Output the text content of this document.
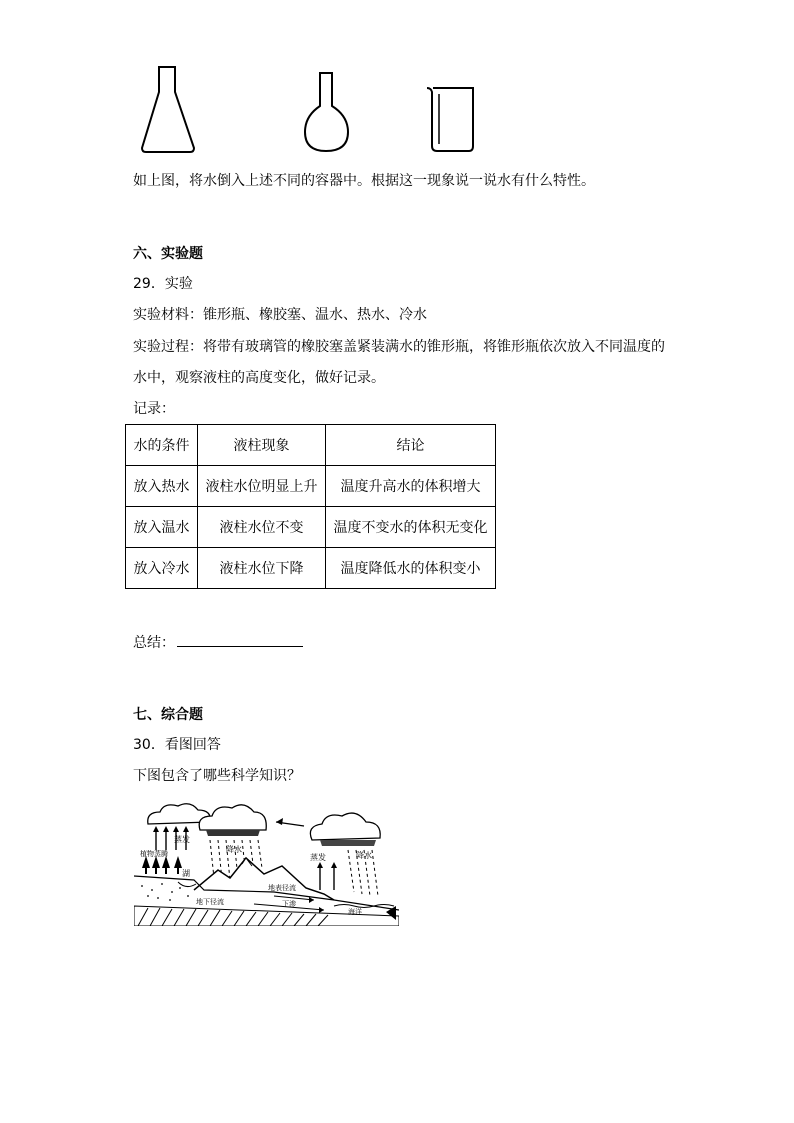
如上图，将水倒入上述不同的容器中。根据这一现象说一说水有什么特性。
六、实验题
29．实验
实验材料：锥形瓶、橡胶塞、温水、热水、冷水
实验过程：将带有玻璃管的橡胶塞盖紧装满水的锥形瓶，将锥形瓶依次放入不同温度的
水中，观察液柱的高度变化，做好记录。
记录：
水的条件	液柱现象	结论
放入热水	液柱水位明显上升	温度升高水的体积增大
放入温水	液柱水位不变	温度不变水的体积无变化
放入冷水	液柱水位下降	温度降低水的体积变小
总结：
七、综合题
30．看图回答
下图包含了哪些科学知识？
蒸发
植物蒸腾	降水
湖
地表径流
下渗
地下径流
蒸发	降水
海洋
